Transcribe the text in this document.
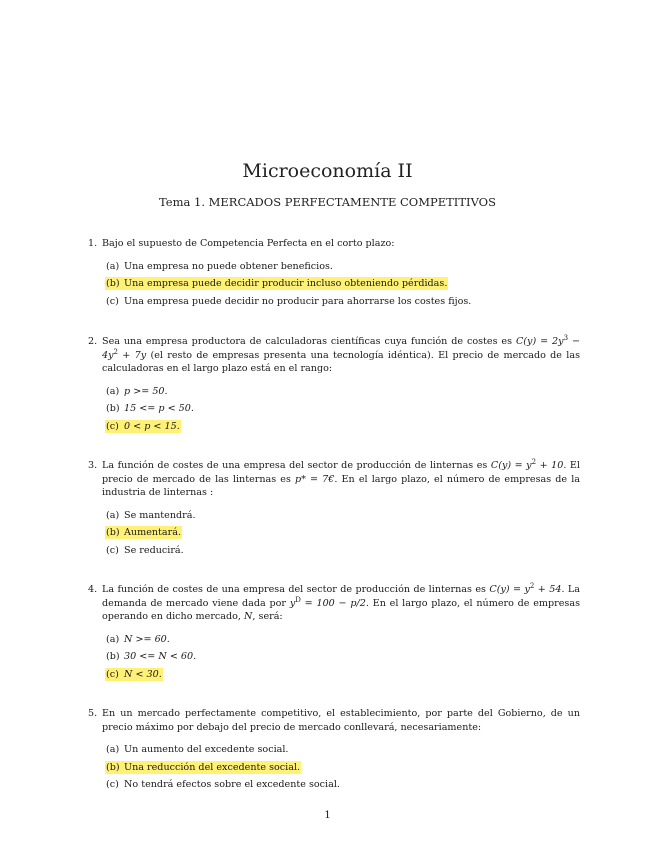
Microeconomía II
Tema 1. MERCADOS PERFECTAMENTE COMPETITIVOS
1. Bajo el supuesto de Competencia Perfecta en el corto plazo:
(a) Una empresa no puede obtener beneficios.
(b) Una empresa puede decidir producir incluso obteniendo pérdidas.
(c) Una empresa puede decidir no producir para ahorrarse los costes fijos.
2. Sea una empresa productora de calculadoras científicas cuya función de costes es $C(y) = 2y^3 - 4y^2 + 7y$ (el resto de empresas presenta una tecnología idéntica). El precio de mercado de las calculadoras en el largo plazo está en el rango:
(a) p >= 50.
(b) 15 <= p < 50.
(c) 0 < p < 15.
3. La función de costes de una empresa del sector de producción de linternas es $C(y) = y^2 + 10$. El precio de mercado de las linternas es p* = 7€. En el largo plazo, el número de empresas de la industria de linternas :
(a) Se mantendrá.
(b) Aumentará.
(c) Se reducirá.
4. La función de costes de una empresa del sector de producción de linternas es $C(y) = y^2 + 54$. La demanda de mercado viene dada por $y^D = 100 - p/2$. En el largo plazo, el número de empresas operando en dicho mercado, N, será:
(a) N >= 60.
(b) 30 <= N < 60.
(c) N < 30.
5. En un mercado perfectamente competitivo, el establecimiento, por parte del Gobierno, de un precio máximo por debajo del precio de mercado conllevará, necesariamente:
(a) Un aumento del excedente social.
(b) Una reducción del excedente social.
(c) No tendrá efectos sobre el excedente social.
1
